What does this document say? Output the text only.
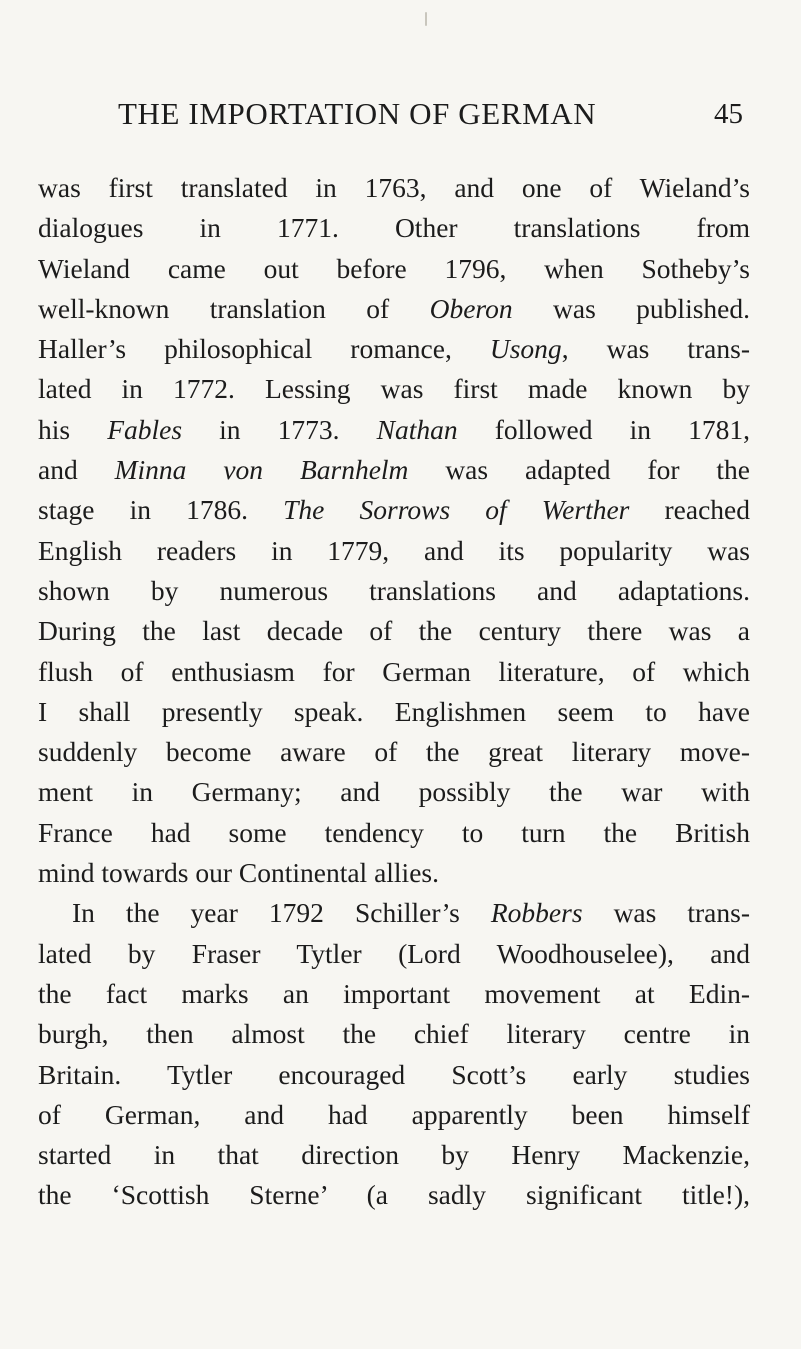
THE IMPORTATION OF GERMAN	45
was first translated in 1763, and one of Wieland’s
dialogues in 1771. Other translations from
Wieland came out before 1796, when Sotheby’s
well-known translation of Oberon was published.
Haller’s philosophical romance, Usong, was trans-
lated in 1772. Lessing was first made known by
his Fables in 1773. Nathan followed in 1781,
and Minna von Barnhelm was adapted for the
stage in 1786. The Sorrows of Werther reached
English readers in 1779, and its popularity was
shown by numerous translations and adaptations.
During the last decade of the century there was a
flush of enthusiasm for German literature, of which
I shall presently speak. Englishmen seem to have
suddenly become aware of the great literary move-
ment in Germany; and possibly the war with
France had some tendency to turn the British
mind towards our Continental allies.
In the year 1792 Schiller’s Robbers was trans-
lated by Fraser Tytler (Lord Woodhouselee), and
the fact marks an important movement at Edin-
burgh, then almost the chief literary centre in
Britain. Tytler encouraged Scott’s early studies
of German, and had apparently been himself
started in that direction by Henry Mackenzie,
the ‘Scottish Sterne’ (a sadly significant title!),
